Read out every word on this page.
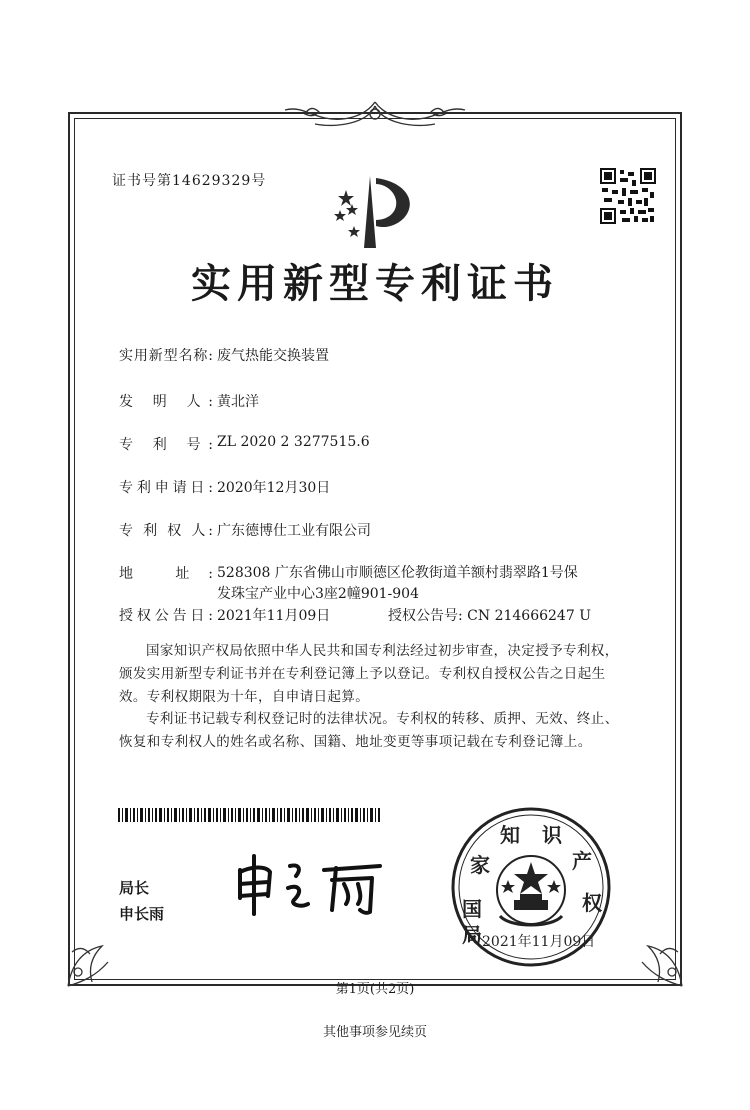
证书号第14629329号
实用新型专利证书
实用新型名称: 废气热能交换装置
发 明 人: 黄北洋
专 利 号: ZL 2020 2 3277515.6
专利申请日: 2020年12月30日
专 利 权 人: 广东德博仕工业有限公司
地 址: 528308 广东省佛山市顺德区伦教街道羊额村翡翠路1号保发珠宝产业中心3座2幢901-904
授权公告日: 2021年11月09日	授权公告号: CN 214666247 U
国家知识产权局依照中华人民共和国专利法经过初步审查，决定授予专利权，颁发实用新型专利证书并在专利登记簿上予以登记。专利权自授权公告之日起生效。专利权期限为十年，自申请日起算。
专利证书记载专利权登记时的法律状况。专利权的转移、质押、无效、终止、恢复和专利权人的姓名或名称、国籍、地址变更等事项记载在专利登记簿上。
局长
申长雨	国
家
知 识
产
权
局 2021年11月09日
第1页(共2页)
其他事项参见续页
